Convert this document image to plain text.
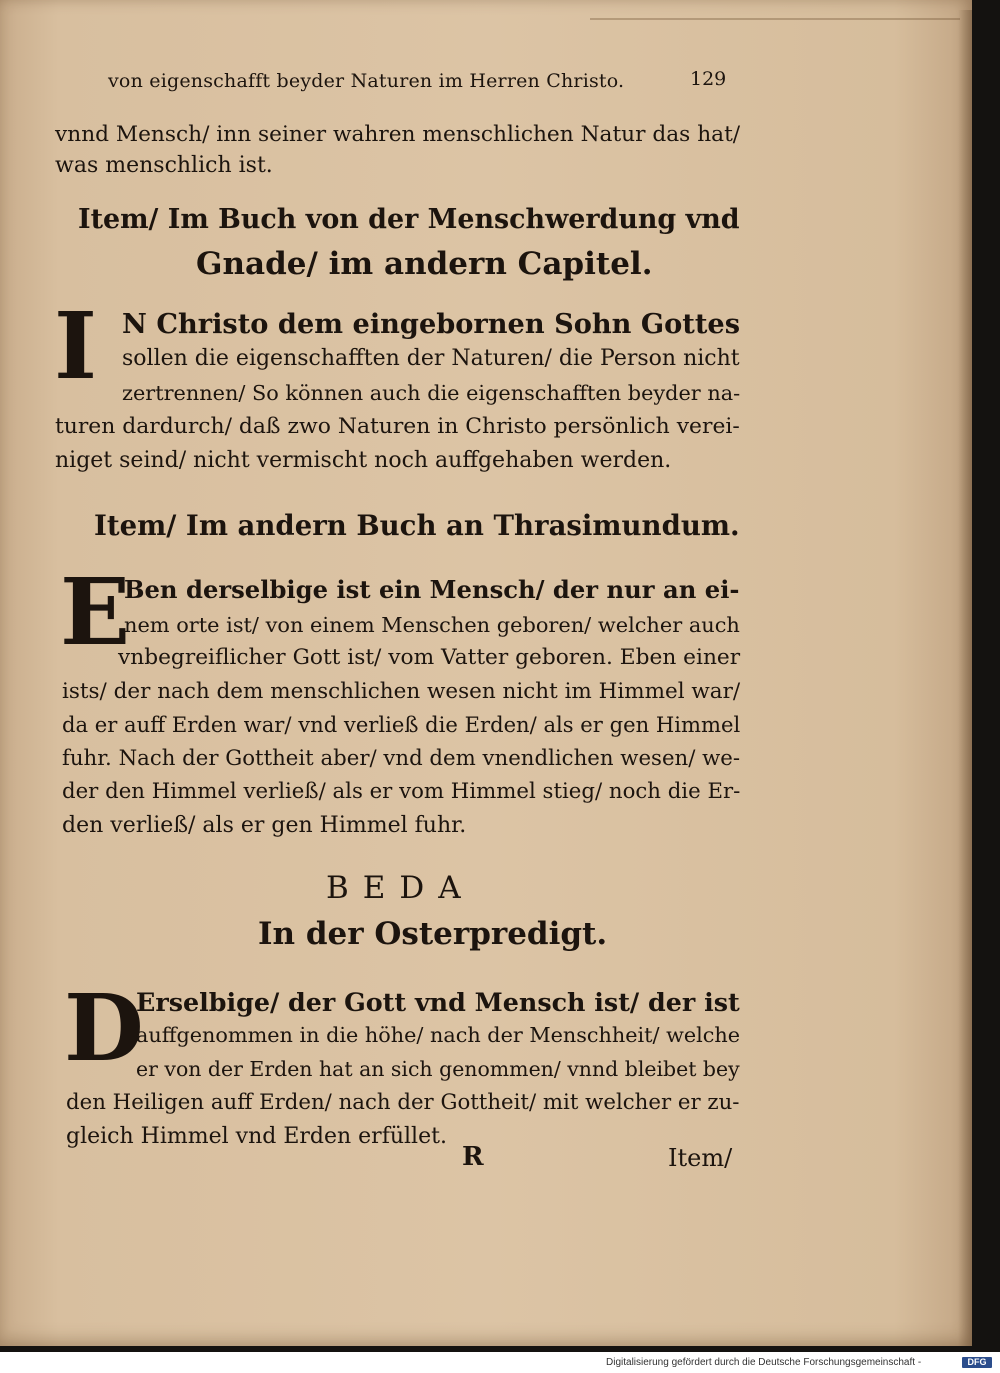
von eigenschafft beyder Naturen im Herren Christo.	129

vnnd Mensch/ inn seiner wahren menschlichen Natur das hat/

was menschlich ist.

Item/ Im Buch von der Menschwerdung vnd

Gnade/ im andern Capitel.

I N Christo dem eingebornen Sohn Gottes

sollen die eigenschafften der Naturen/ die Person nicht

zertrennen/ So können auch die eigenschafften beyder na-

turen dardurch/ daß zwo Naturen in Christo persönlich verei-

niget seind/ nicht vermischt noch auffgehaben werden.

Item/ Im andern Buch an Thrasimundum.

E

Ben derselbige ist ein Mensch/ der nur an ei-

nem orte ist/ von einem Menschen geboren/ welcher auch

vnbegreiflicher Gott ist/ vom Vatter geboren. Eben einer

ists/ der nach dem menschlichen wesen nicht im Himmel war/

da er auff Erden war/ vnd verließ die Erden/ als er gen Himmel

fuhr. Nach der Gottheit aber/ vnd dem vnendlichen wesen/ we-

der den Himmel verließ/ als er vom Himmel stieg/ noch die Er-

den verließ/ als er gen Himmel fuhr.

BEDA

In der Osterpredigt.

D

Erselbige/ der Gott vnd Mensch ist/ der ist

auffgenommen in die höhe/ nach der Menschheit/ welche

er von der Erden hat an sich genommen/ vnnd bleibet bey

den Heiligen auff Erden/ nach der Gottheit/ mit welcher er zu-

gleich Himmel vnd Erden erfüllet.

R	Item/

Digitalisierung gefördert durch die Deutsche Forschungsgemeinschaft -	DFG
